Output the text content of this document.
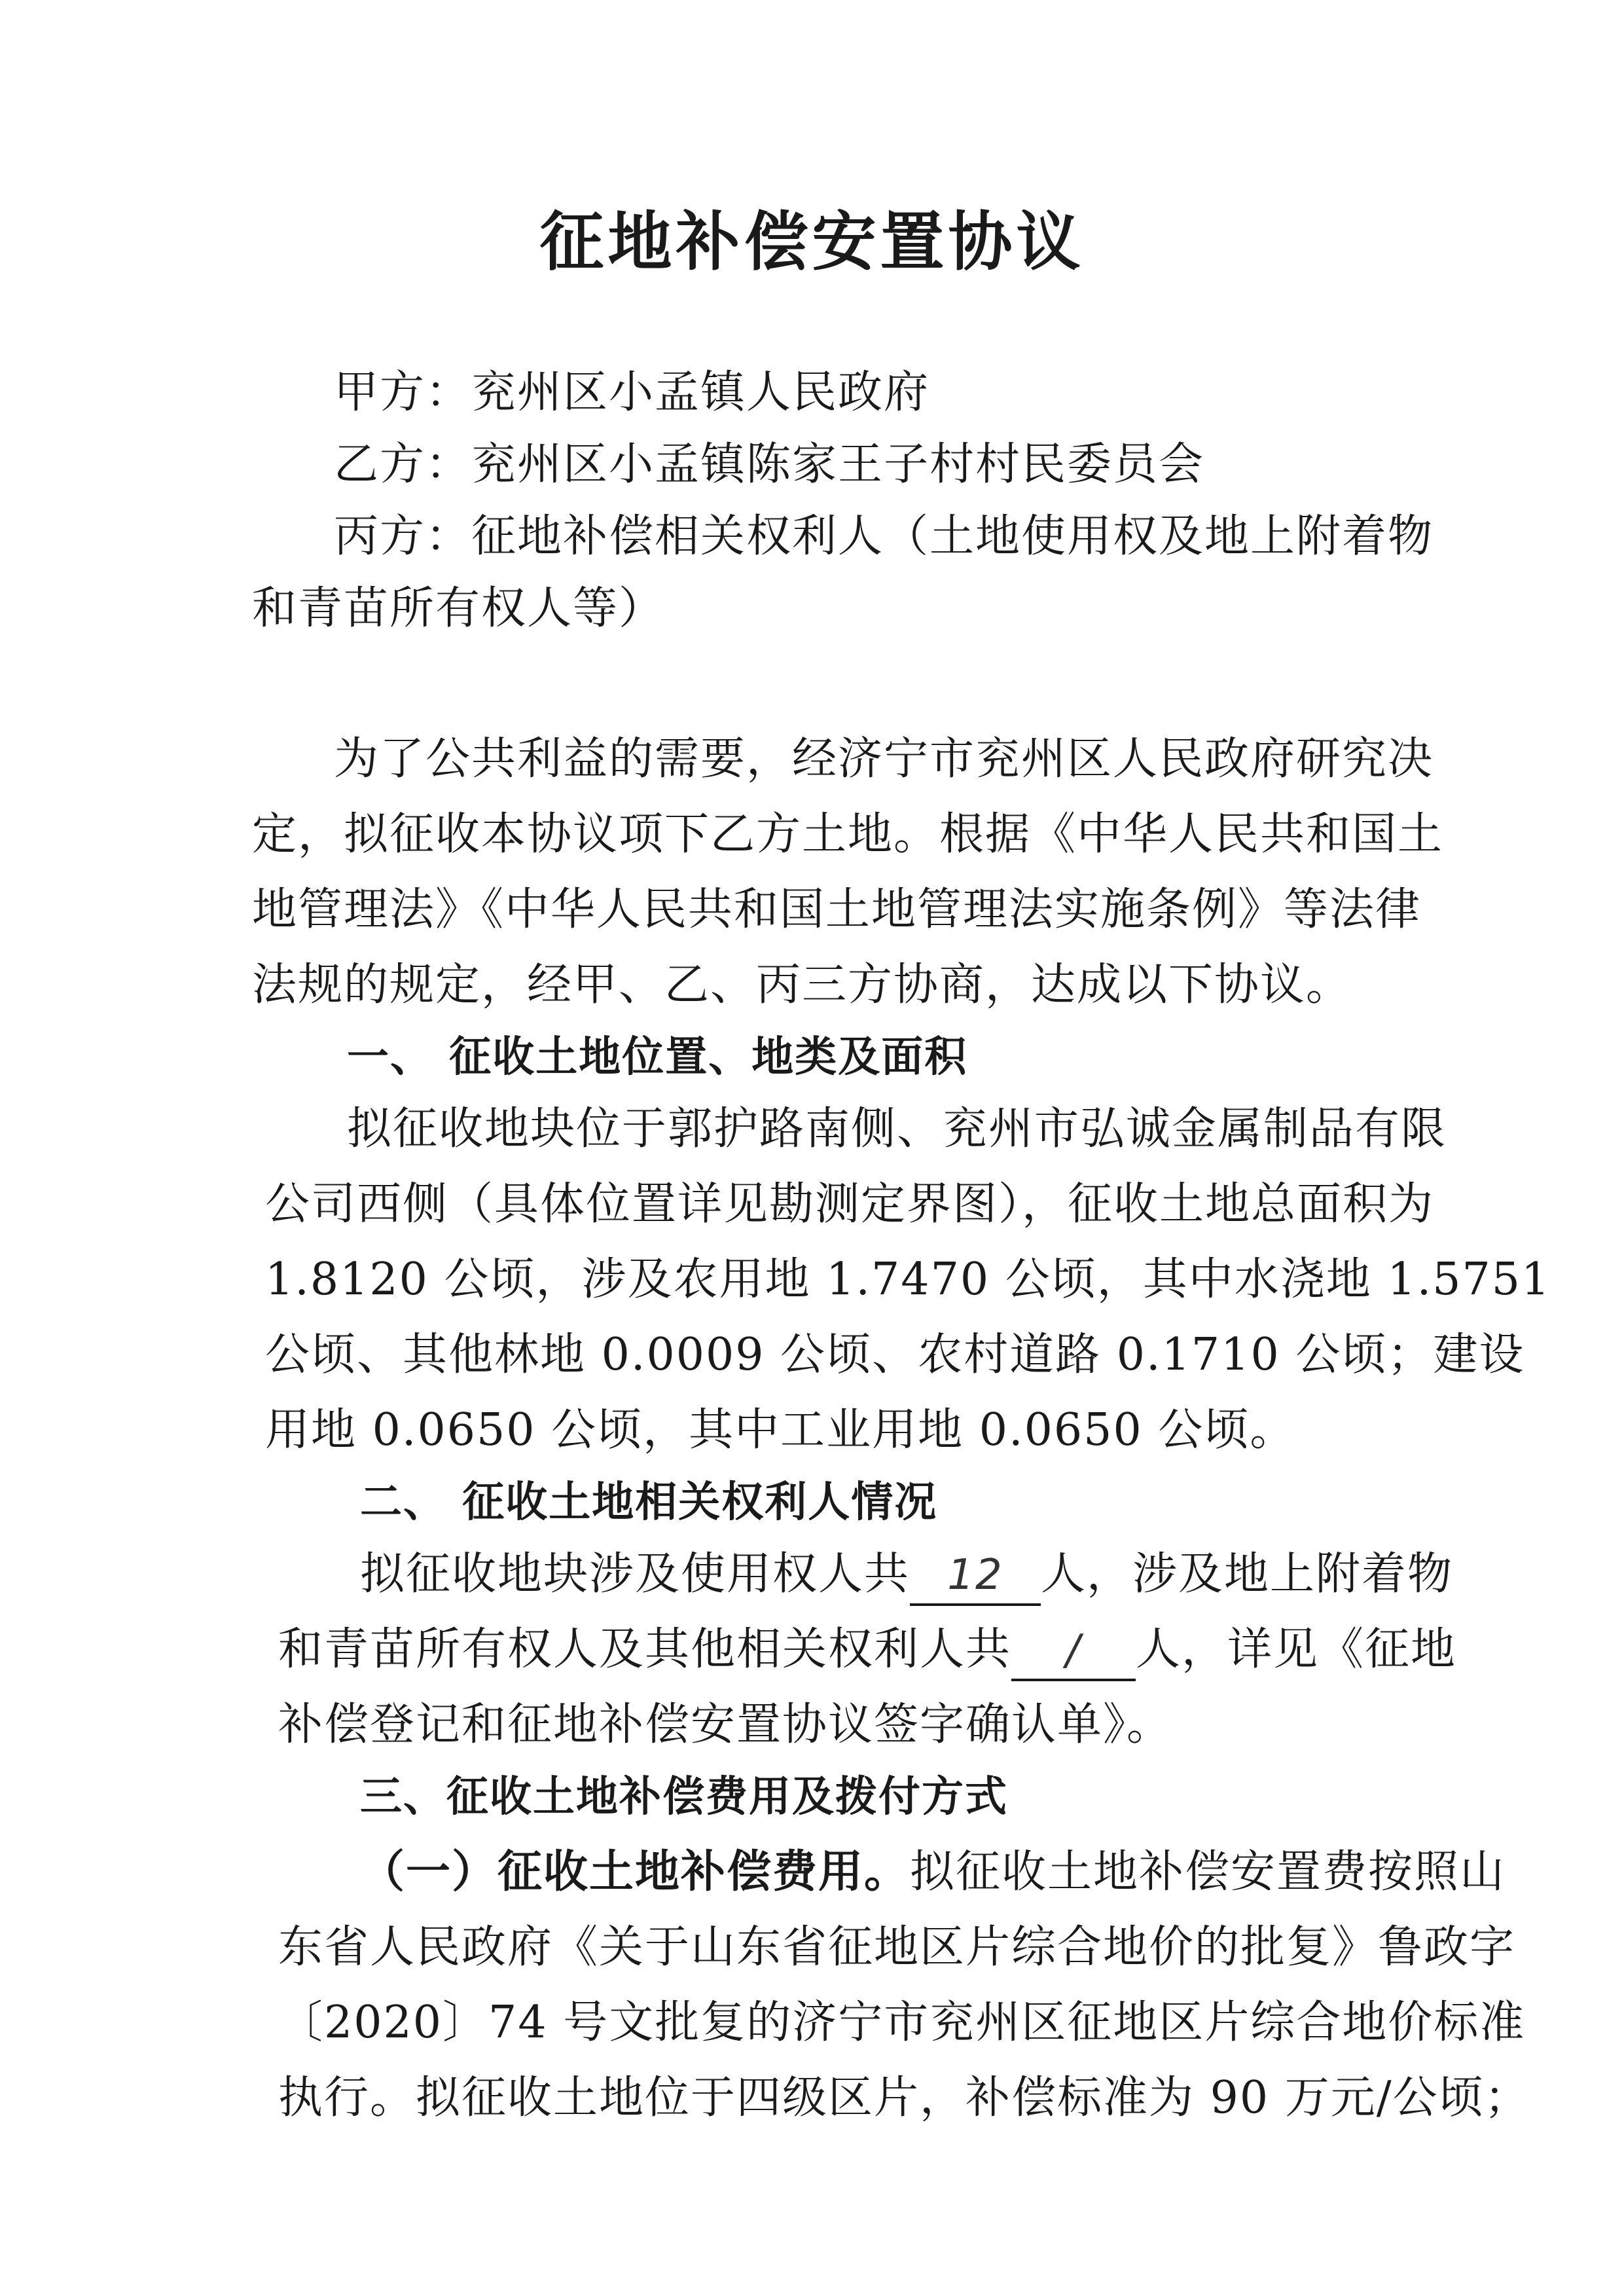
征地补偿安置协议
甲方：兖州区小孟镇人民政府
乙方：兖州区小孟镇陈家王子村村民委员会
丙方：征地补偿相关权利人（土地使用权及地上附着物
和青苗所有权人等）
为了公共利益的需要，经济宁市兖州区人民政府研究决
定，拟征收本协议项下乙方土地。根据《中华人民共和国土
地管理法》《中华人民共和国土地管理法实施条例》等法律
法规的规定，经甲、乙、丙三方协商，达成以下协议。
一、 征收土地位置、地类及面积
拟征收地块位于郭护路南侧、兖州市弘诚金属制品有限
公司西侧（具体位置详见勘测定界图），征收土地总面积为
1.8120 公顷，涉及农用地 1.7470 公顷，其中水浇地 1.5751
公顷、其他林地 0.0009 公顷、农村道路 0.1710 公顷；建设
用地 0.0650 公顷，其中工业用地 0.0650 公顷。
二、 征收土地相关权利人情况
拟征收地块涉及使用权人共 12 人，涉及地上附着物
和青苗所有权人及其他相关权利人共 / 人，详见《征地
补偿登记和征地补偿安置协议签字确认单》。
三、征收土地补偿费用及拨付方式
（一）征收土地补偿费用。拟征收土地补偿安置费按照山
东省人民政府《关于山东省征地区片综合地价的批复》鲁政字
〔2020〕74 号文批复的济宁市兖州区征地区片综合地价标准
执行。拟征收土地位于四级区片，补偿标准为 90 万元/公顷；
